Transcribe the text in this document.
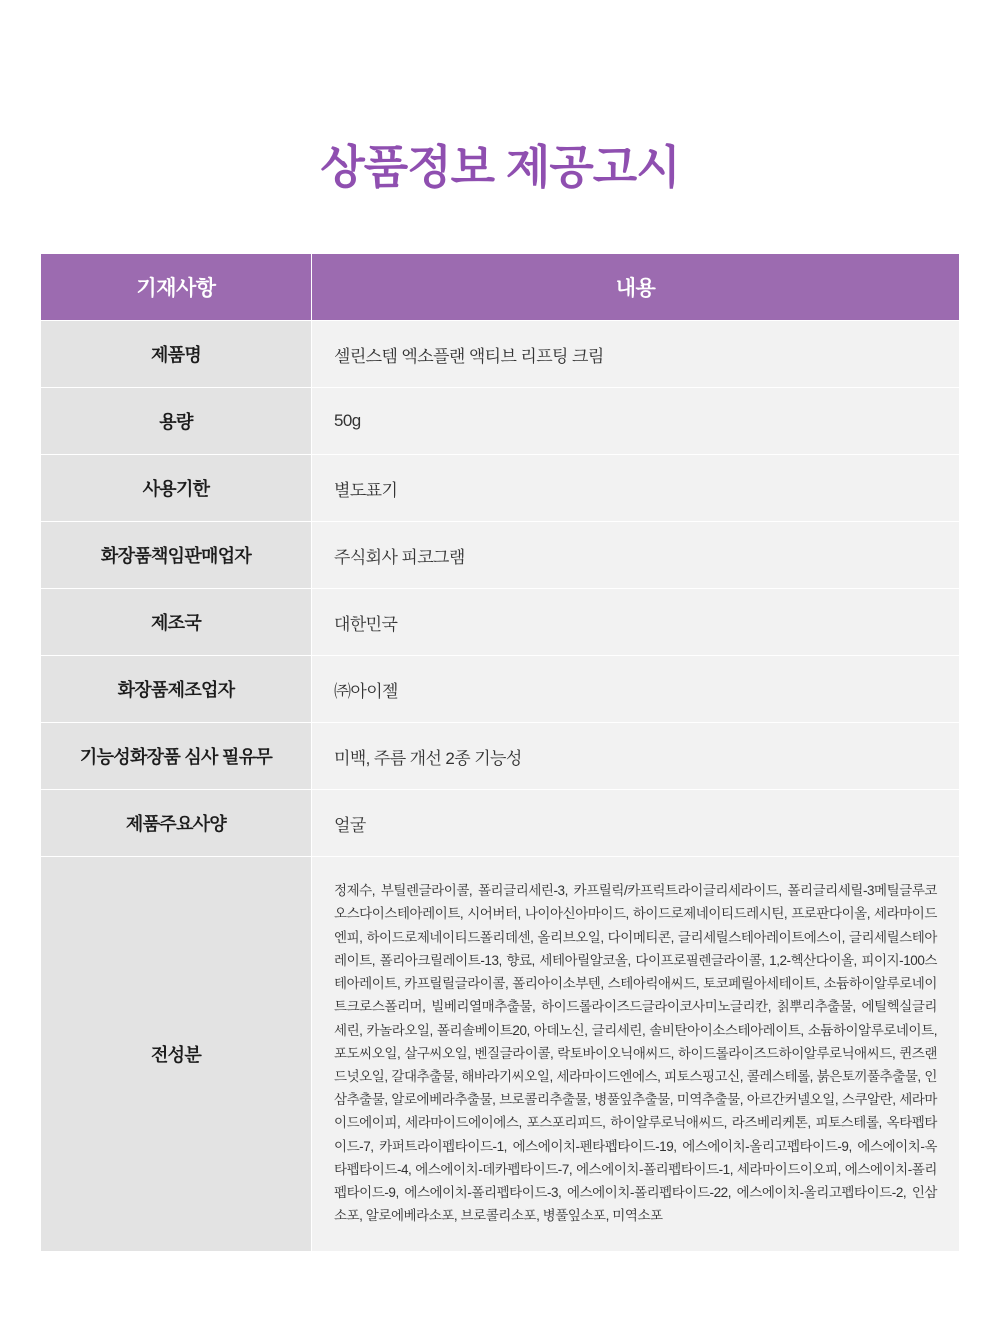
상품정보 제공고시
기재사항	내용
제품명	셀린스템 엑소플랜 액티브 리프팅 크림
용량	50g
사용기한	별도표기
화장품책임판매업자	주식회사 피코그램
제조국	대한민국
화장품제조업자	㈜아이젤
기능성화장품 심사 필유무	미백, 주름 개선 2종 기능성
제품주요사양	얼굴
전성분	정제수, 부틸렌글라이콜, 폴리글리세린-3, 카프릴릭/카프릭트라이글리세라이드, 폴리글리세릴-3메틸글루코오스다이스테아레이트, 시어버터, 나이아신아마이드, 하이드로제네이티드레시틴, 프로판다이올, 세라마이드엔피, 하이드로제네이티드폴리데센, 올리브오일, 다이메티콘, 글리세릴스테아레이트에스이, 글리세릴스테아레이트, 폴리아크릴레이트-13, 향료, 세테아릴알코올, 다이프로필렌글라이콜, 1,2-헥산다이올, 피이지-100스테아레이트, 카프릴릴글라이콜, 폴리아이소부텐, 스테아릭애씨드, 토코페릴아세테이트, 소듐하이알루로네이트크로스폴리머, 빌베리열매추출물, 하이드롤라이즈드글라이코사미노글리칸, 칡뿌리추출물, 에틸헥실글리세린, 카놀라오일, 폴리솔베이트20, 아데노신, 글리세린, 솔비탄아이소스테아레이트, 소듐하이알루로네이트, 포도씨오일, 살구씨오일, 벤질글라이콜, 락토바이오닉애씨드, 하이드롤라이즈드하이알루로닉애씨드, 퀸즈랜드넛오일, 갈대추출물, 해바라기씨오일, 세라마이드엔에스, 피토스핑고신, 콜레스테롤, 붉은토끼풀추출물, 인삼추출물, 알로에베라추출물, 브로콜리추출물, 병풀잎추출물, 미역추출물, 아르간커넬오일, 스쿠알란, 세라마이드에이피, 세라마이드에이에스, 포스포리피드, 하이알루로닉애씨드, 라즈베리케톤, 피토스테롤, 옥타펩타이드-7, 카퍼트라이펩타이드-1, 에스에이치-펜타펩타이드-19, 에스에이치-올리고펩타이드-9, 에스에이치-옥타펩타이드-4, 에스에이치-데카펩타이드-7, 에스에이치-폴리펩타이드-1, 세라마이드이오피, 에스에이치-폴리펩타이드-9, 에스에이치-폴리펩타이드-3, 에스에이치-폴리펩타이드-22, 에스에이치-올리고펩타이드-2, 인삼소포, 알로에베라소포, 브로콜리소포, 병풀잎소포, 미역소포
